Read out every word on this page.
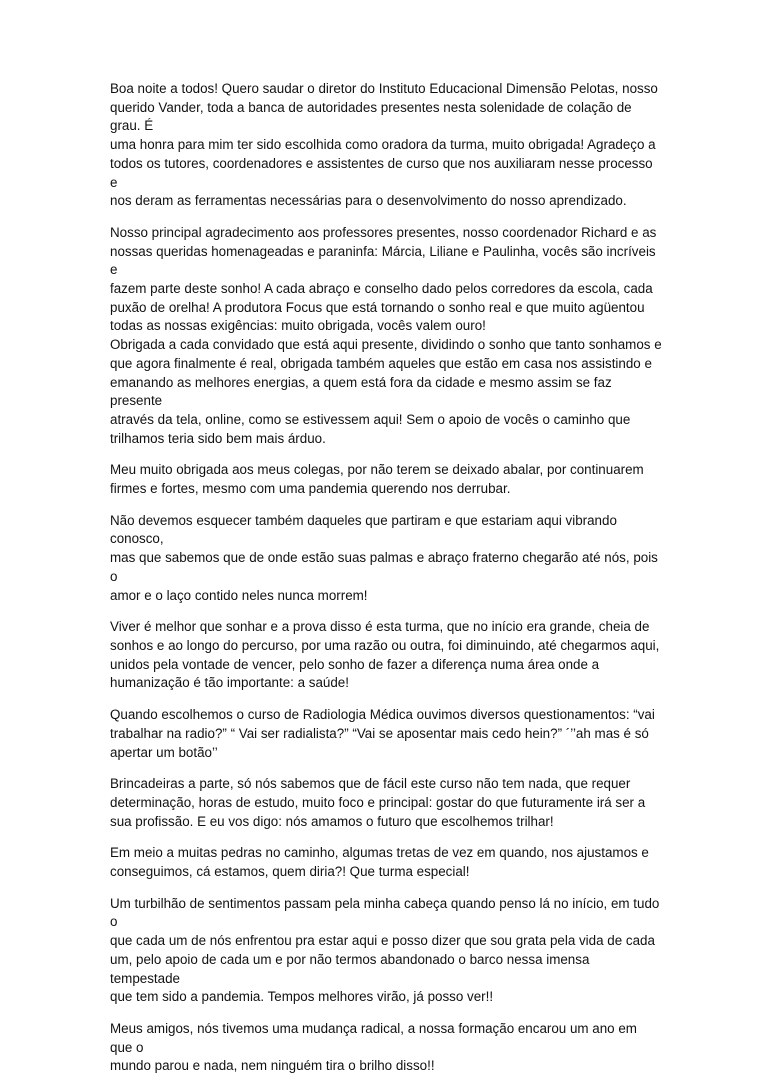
Boa noite a todos! Quero saudar o diretor do Instituto Educacional Dimensão Pelotas, nosso
querido Vander, toda a banca de autoridades presentes nesta solenidade de colação de grau. É
uma honra para mim ter sido escolhida como oradora da turma, muito obrigada! Agradeço a
todos os tutores, coordenadores e assistentes de curso que nos auxiliaram nesse processo e
nos deram as ferramentas necessárias para o desenvolvimento do nosso aprendizado.

Nosso principal agradecimento aos professores presentes, nosso coordenador Richard e as
nossas queridas homenageadas e paraninfa: Márcia, Liliane e Paulinha, vocês são incríveis e
fazem parte deste sonho! A cada abraço e conselho dado pelos corredores da escola, cada
puxão de orelha! A produtora Focus que está tornando o sonho real e que muito agüentou
todas as nossas exigências: muito obrigada, vocês valem ouro!
Obrigada a cada convidado que está aqui presente, dividindo o sonho que tanto sonhamos e
que agora finalmente é real, obrigada também aqueles que estão em casa nos assistindo e
emanando as melhores energias, a quem está fora da cidade e mesmo assim se faz presente
através da tela, online, como se estivessem aqui! Sem o apoio de vocês o caminho que
trilhamos teria sido bem mais árduo.

Meu muito obrigada aos meus colegas, por não terem se deixado abalar, por continuarem
firmes e fortes, mesmo com uma pandemia querendo nos derrubar.

Não devemos esquecer também daqueles que partiram e que estariam aqui vibrando conosco,
mas que sabemos que de onde estão suas palmas e abraço fraterno chegarão até nós, pois o
amor e o laço contido neles nunca morrem!

Viver é melhor que sonhar e a prova disso é esta turma, que no início era grande, cheia de
sonhos e ao longo do percurso, por uma razão ou outra, foi diminuindo, até chegarmos aqui,
unidos pela vontade de vencer, pelo sonho de fazer a diferença numa área onde a
humanização é tão importante: a saúde!

Quando escolhemos o curso de Radiologia Médica ouvimos diversos questionamentos: “vai
trabalhar na radio?” “ Vai ser radialista?” “Vai se aposentar mais cedo hein?” ´’’ah mas é só
apertar um botão’’

Brincadeiras a parte, só nós sabemos que de fácil este curso não tem nada, que requer
determinação, horas de estudo, muito foco e principal: gostar do que futuramente irá ser a
sua profissão. E eu vos digo: nós amamos o futuro que escolhemos trilhar!

Em meio a muitas pedras no caminho, algumas tretas de vez em quando, nos ajustamos e
conseguimos, cá estamos, quem diria?! Que turma especial!

Um turbilhão de sentimentos passam pela minha cabeça quando penso lá no início, em tudo o
que cada um de nós enfrentou pra estar aqui e posso dizer que sou grata pela vida de cada
um, pelo apoio de cada um e por não termos abandonado o barco nessa imensa tempestade
que tem sido a pandemia. Tempos melhores virão, já posso ver!!

Meus amigos, nós tivemos uma mudança radical, a nossa formação encarou um ano em que o
mundo parou e nada, nem ninguém tira o brilho disso!!
